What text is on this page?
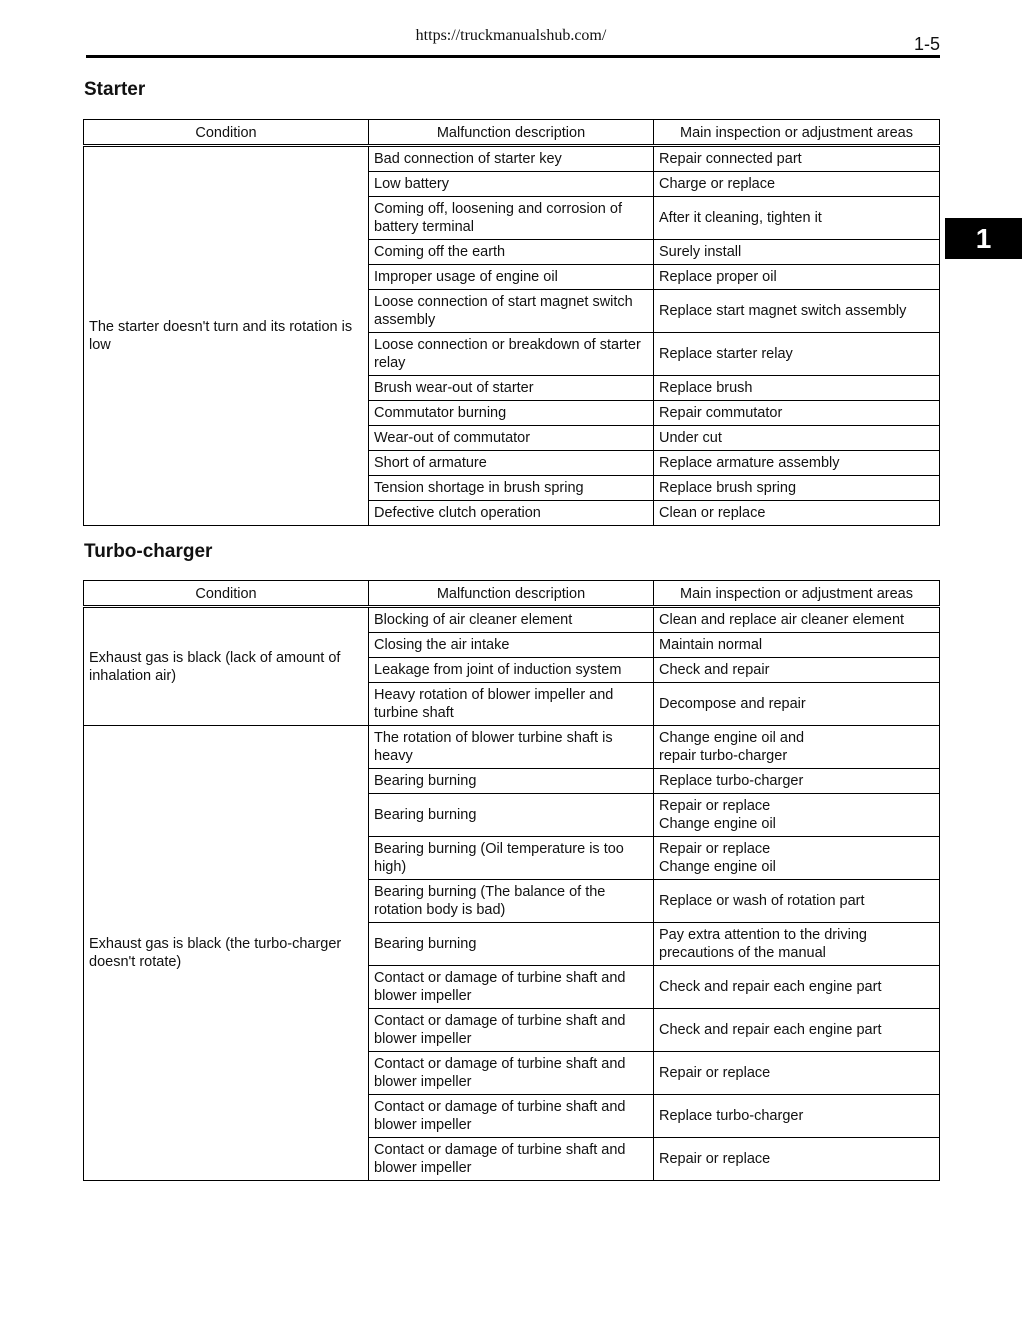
https://truckmanualshub.com/	1-5
1
Starter
Condition	Malfunction description	Main inspection or adjustment areas
The starter doesn't turn and its rotation is low	Bad connection of starter key	Repair connected part
	Low battery	Charge or replace
	Coming off, loosening and corrosion of battery terminal	After it cleaning, tighten it
	Coming off the earth	Surely install
	Improper usage of engine oil	Replace proper oil
	Loose connection of start magnet switch assembly	Replace start magnet switch assembly
	Loose connection or breakdown of starter relay	Replace starter relay
	Brush wear-out of starter	Replace brush
	Commutator burning	Repair commutator
	Wear-out of commutator	Under cut
	Short of armature	Replace armature assembly
	Tension shortage in brush spring	Replace brush spring
	Defective clutch operation	Clean or replace
Turbo-charger
Condition	Malfunction description	Main inspection or adjustment areas
Exhaust gas is black (lack of amount of inhalation air)	Blocking of air cleaner element	Clean and replace air cleaner element
	Closing the air intake	Maintain normal
	Leakage from joint of induction system	Check and repair
	Heavy rotation of blower impeller and turbine shaft	Decompose and repair
Exhaust gas is black (the turbo-charger doesn't rotate)	The rotation of blower turbine shaft is heavy	Change engine oil and
repair turbo-charger
	Bearing burning	Replace turbo-charger
	Bearing burning	Repair or replace
Change engine oil
	Bearing burning (Oil temperature is too high)	Repair or replace
Change engine oil
	Bearing burning (The balance of the rotation body is bad)	Replace or wash of rotation part
	Bearing burning	Pay extra attention to the driving precautions of the manual
	Contact or damage of turbine shaft and blower impeller	Check and repair each engine part
	Contact or damage of turbine shaft and blower impeller	Check and repair each engine part
	Contact or damage of turbine shaft and blower impeller	Repair or replace
	Contact or damage of turbine shaft and blower impeller	Replace turbo-charger
	Contact or damage of turbine shaft and blower impeller	Repair or replace
